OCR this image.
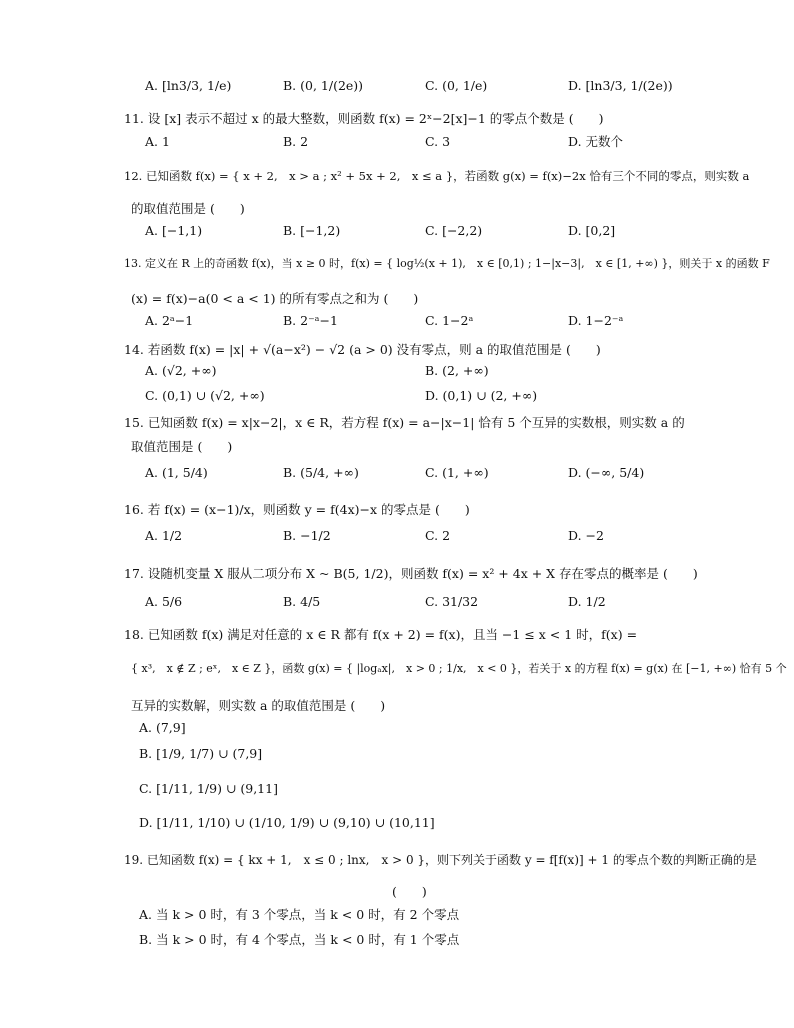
A. [ln3/3, 1/e)	B. (0, 1/(2e))	C. (0, 1/e)	D. [ln3/3, 1/(2e))
11. 设 [x] 表示不超过 x 的最大整数，则函数 f(x) = 2ˣ−2[x]−1 的零点个数是 (　　)
A. 1	B. 2	C. 3	D. 无数个
12. 已知函数 f(x) = { x + 2,　x > a ; x² + 5x + 2,　x ≤ a }，若函数 g(x) = f(x)−2x 恰有三个不同的零点，则实数 a
的取值范围是 (　　)
A. [−1,1)	B. [−1,2)	C. [−2,2)	D. [0,2]
13. 定义在 R 上的奇函数 f(x)，当 x ≥ 0 时，f(x) = { log½(x + 1),　x ∈ [0,1) ; 1−|x−3|,　x ∈ [1, +∞) }，则关于 x 的函数 F
(x) = f(x)−a(0 < a < 1) 的所有零点之和为 (　　)
A. 2ᵃ−1	B. 2⁻ᵃ−1	C. 1−2ᵃ	D. 1−2⁻ᵃ
14. 若函数 f(x) = |x| + √(a−x²) − √2 (a > 0) 没有零点，则 a 的取值范围是 (　　)
A. (√2, +∞)	B. (2, +∞)
C. (0,1) ∪ (√2, +∞)	D. (0,1) ∪ (2, +∞)
15. 已知函数 f(x) = x|x−2|，x ∈ R，若方程 f(x) = a−|x−1| 恰有 5 个互异的实数根，则实数 a 的
取值范围是 (　　)
A. (1, 5/4)	B. (5/4, +∞)	C. (1, +∞)	D. (−∞, 5/4)
16. 若 f(x) = (x−1)/x，则函数 y = f(4x)−x 的零点是 (　　)
A. 1/2	B. −1/2	C. 2	D. −2
17. 设随机变量 X 服从二项分布 X ~ B(5, 1/2)，则函数 f(x) = x² + 4x + X 存在零点的概率是 (　　)
A. 5/6	B. 4/5	C. 31/32	D. 1/2
18. 已知函数 f(x) 满足对任意的 x ∈ R 都有 f(x + 2) = f(x)，且当 −1 ≤ x < 1 时，f(x) =
{ x³,　x ∉ Z ; eˣ,　x ∈ Z }，函数 g(x) = { |logₐx|,　x > 0 ; 1/x,　x < 0 }，若关于 x 的方程 f(x) = g(x) 在 [−1, +∞) 恰有 5 个
互异的实数解，则实数 a 的取值范围是 (　　)
A. (7,9]
B. [1/9, 1/7) ∪ (7,9]
C. [1/11, 1/9) ∪ (9,11]
D. [1/11, 1/10) ∪ (1/10, 1/9) ∪ (9,10) ∪ (10,11]
19. 已知函数 f(x) = { kx + 1,　x ≤ 0 ; lnx,　x > 0 }，则下列关于函数 y = f[f(x)] + 1 的零点个数的判断正确的是
(　　)
A. 当 k > 0 时，有 3 个零点，当 k < 0 时，有 2 个零点
B. 当 k > 0 时，有 4 个零点，当 k < 0 时，有 1 个零点
